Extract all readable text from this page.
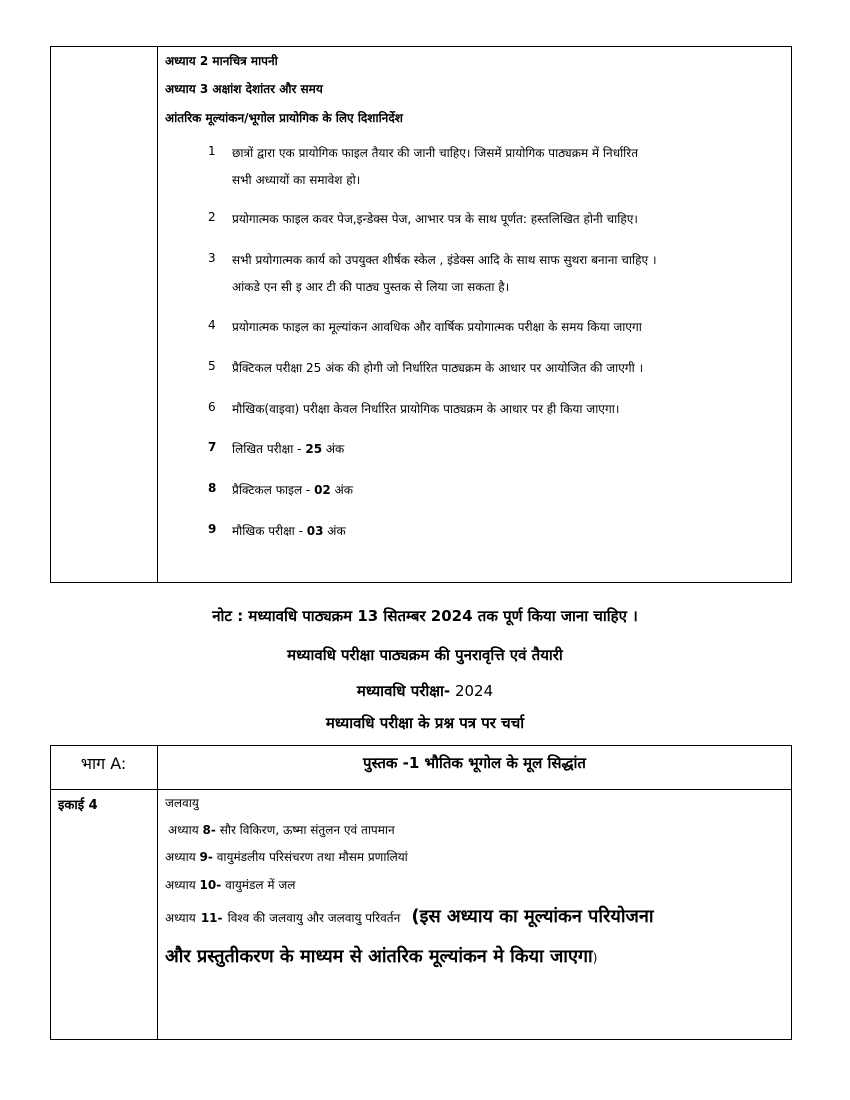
अध्याय 2 मानचित्र मापनी
अध्याय 3 अक्षांश देशांतर और समय
आंतरिक मूल्यांकन/भूगोल प्रायोगिक के लिए दिशानिर्देश
1 छात्रों द्वारा एक प्रायोगिक फाइल तैयार की जानी चाहिए। जिसमें प्रायोगिक पाठ्यक्रम में निर्धारित
सभी अध्यायों का समावेश हो।
2 प्रयोगात्मक फाइल कवर पेज,इन्डेक्स पेज, आभार पत्र के साथ पूर्णत: हस्तलिखित होनी चाहिए।
3 सभी प्रयोगात्मक कार्य को उपयुक्त शीर्षक स्केल , इंडेक्स आदि के साथ साफ सुथरा बनाना चाहिए ।
आंकडे एन सी इ आर टी की पाठ्य पुस्तक से लिया जा सकता है।
4 प्रयोगात्मक फाइल का मूल्यांकन आवधिक और वार्षिक प्रयोगात्मक परीक्षा के समय किया जाएगा
5 प्रैक्टिकल परीक्षा 25 अंक की होगी जो निर्धारित पाठ्यक्रम के आधार पर आयोजित की जाएगी ।
6 मौखिक(वाइवा) परीक्षा केवल निर्धारित प्रायोगिक पाठ्यक्रम के आधार पर ही किया जाएगा।
7 लिखित परीक्षा - 25 अंक
8 प्रैक्टिकल फाइल - 02 अंक
9 मौखिक परीक्षा - 03 अंक
नोट : मध्यावधि पाठ्यक्रम 13 सितम्बर 2024 तक पूर्ण किया जाना चाहिए ।
मध्यावधि परीक्षा पाठ्यक्रम की पुनरावृत्ति एवं तैयारी
मध्यावधि परीक्षा- 2024
मध्यावधि परीक्षा के प्रश्न पत्र पर चर्चा
भाग A:	पुस्तक -1 भौतिक भूगोल के मूल सिद्धांत
इकाई 4	जलवायु
अध्याय 8- सौर विकिरण, ऊष्मा संतुलन एवं तापमान
अध्याय 9- वायुमंडलीय परिसंचरण तथा मौसम प्रणालियां
अध्याय 10- वायुमंडल में जल
अध्याय 11- विश्व की जलवायु और जलवायु परिवर्तन (इस अध्याय का मूल्यांकन परियोजना
और प्रस्तुतीकरण के माध्यम से आंतरिक मूल्यांकन मे किया जाएगा)
